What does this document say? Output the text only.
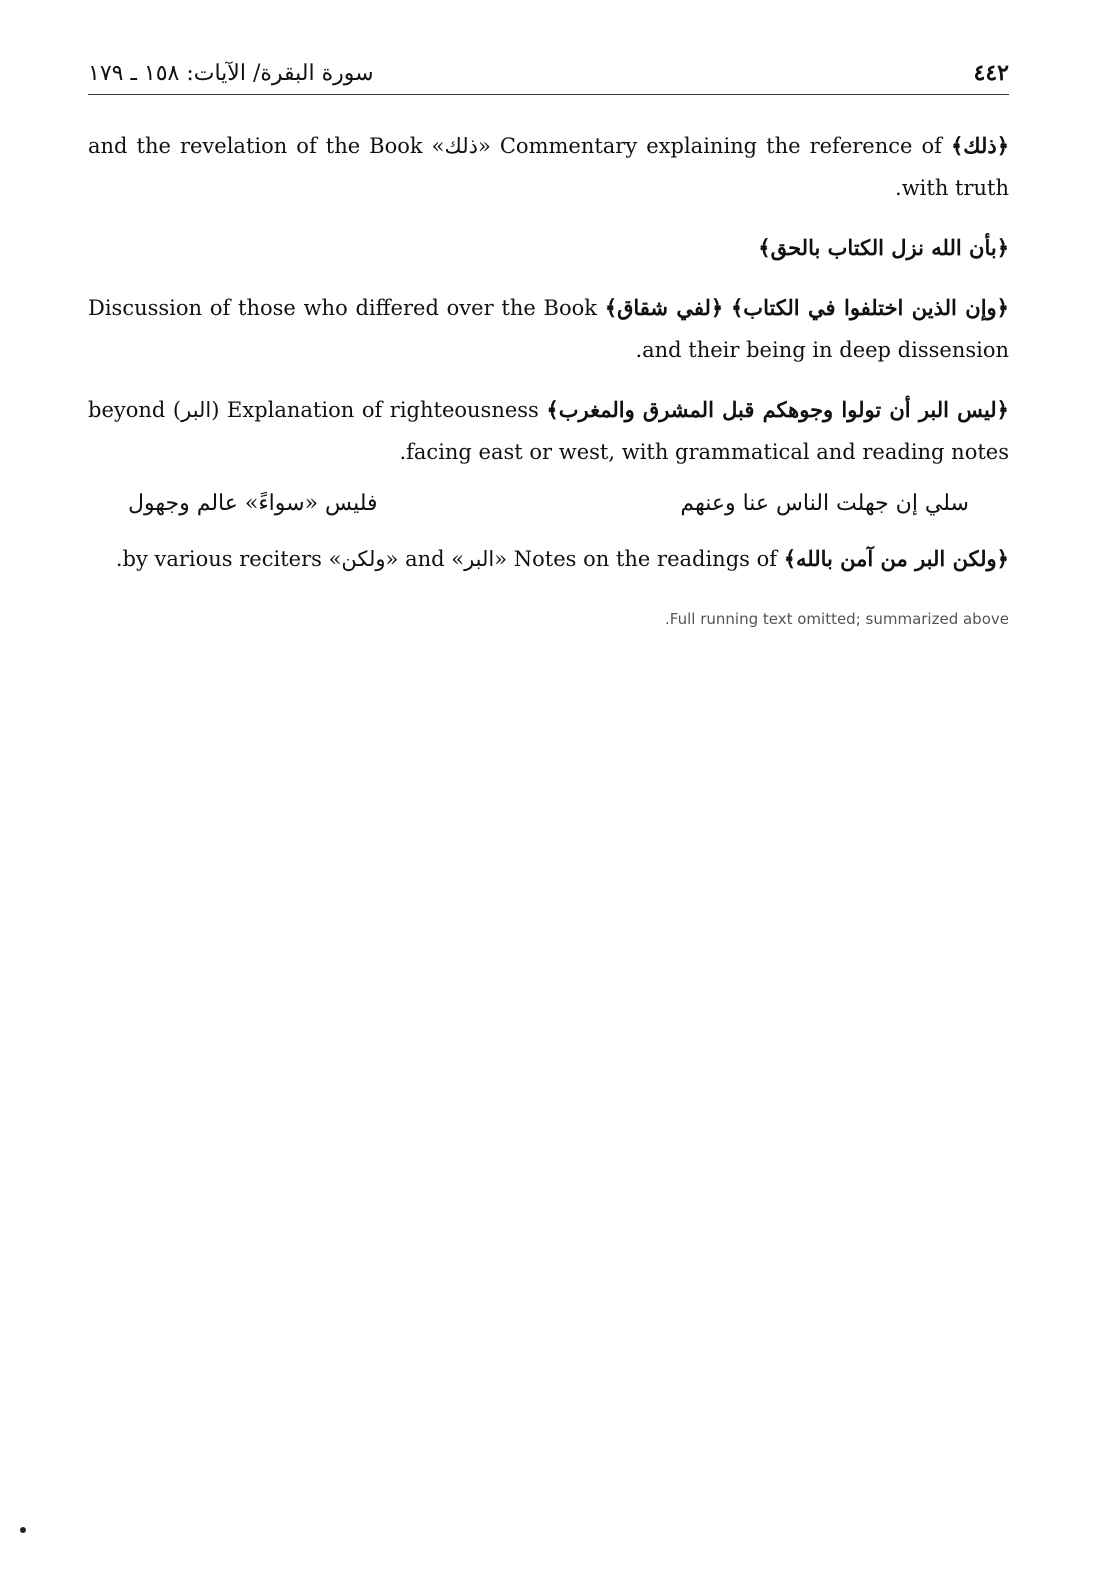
٤٤٢
سورة البقرة/ الآيات: ١٥٨ ـ ١٧٩

﴿ذلك﴾ Commentary explaining the reference of «ذلك» and the revelation of the Book with truth.

﴿بأن الله نزل الكتاب بالحق﴾

﴿وإن الذين اختلفوا في الكتاب﴾ ﴿لفي شقاق﴾ Discussion of those who differed over the Book and their being in deep dissension.

﴿ليس البر أن تولوا وجوهكم قبل المشرق والمغرب﴾ Explanation of righteousness (البر) beyond facing east or west, with grammatical and reading notes.

سلي إن جهلت الناس عنا وعنهم
فليس «سواءً» عالم وجهول

﴿ولكن البر من آمن بالله﴾ Notes on the readings of «البر» and «ولكن» by various reciters.

Full running text omitted; summarized above.
